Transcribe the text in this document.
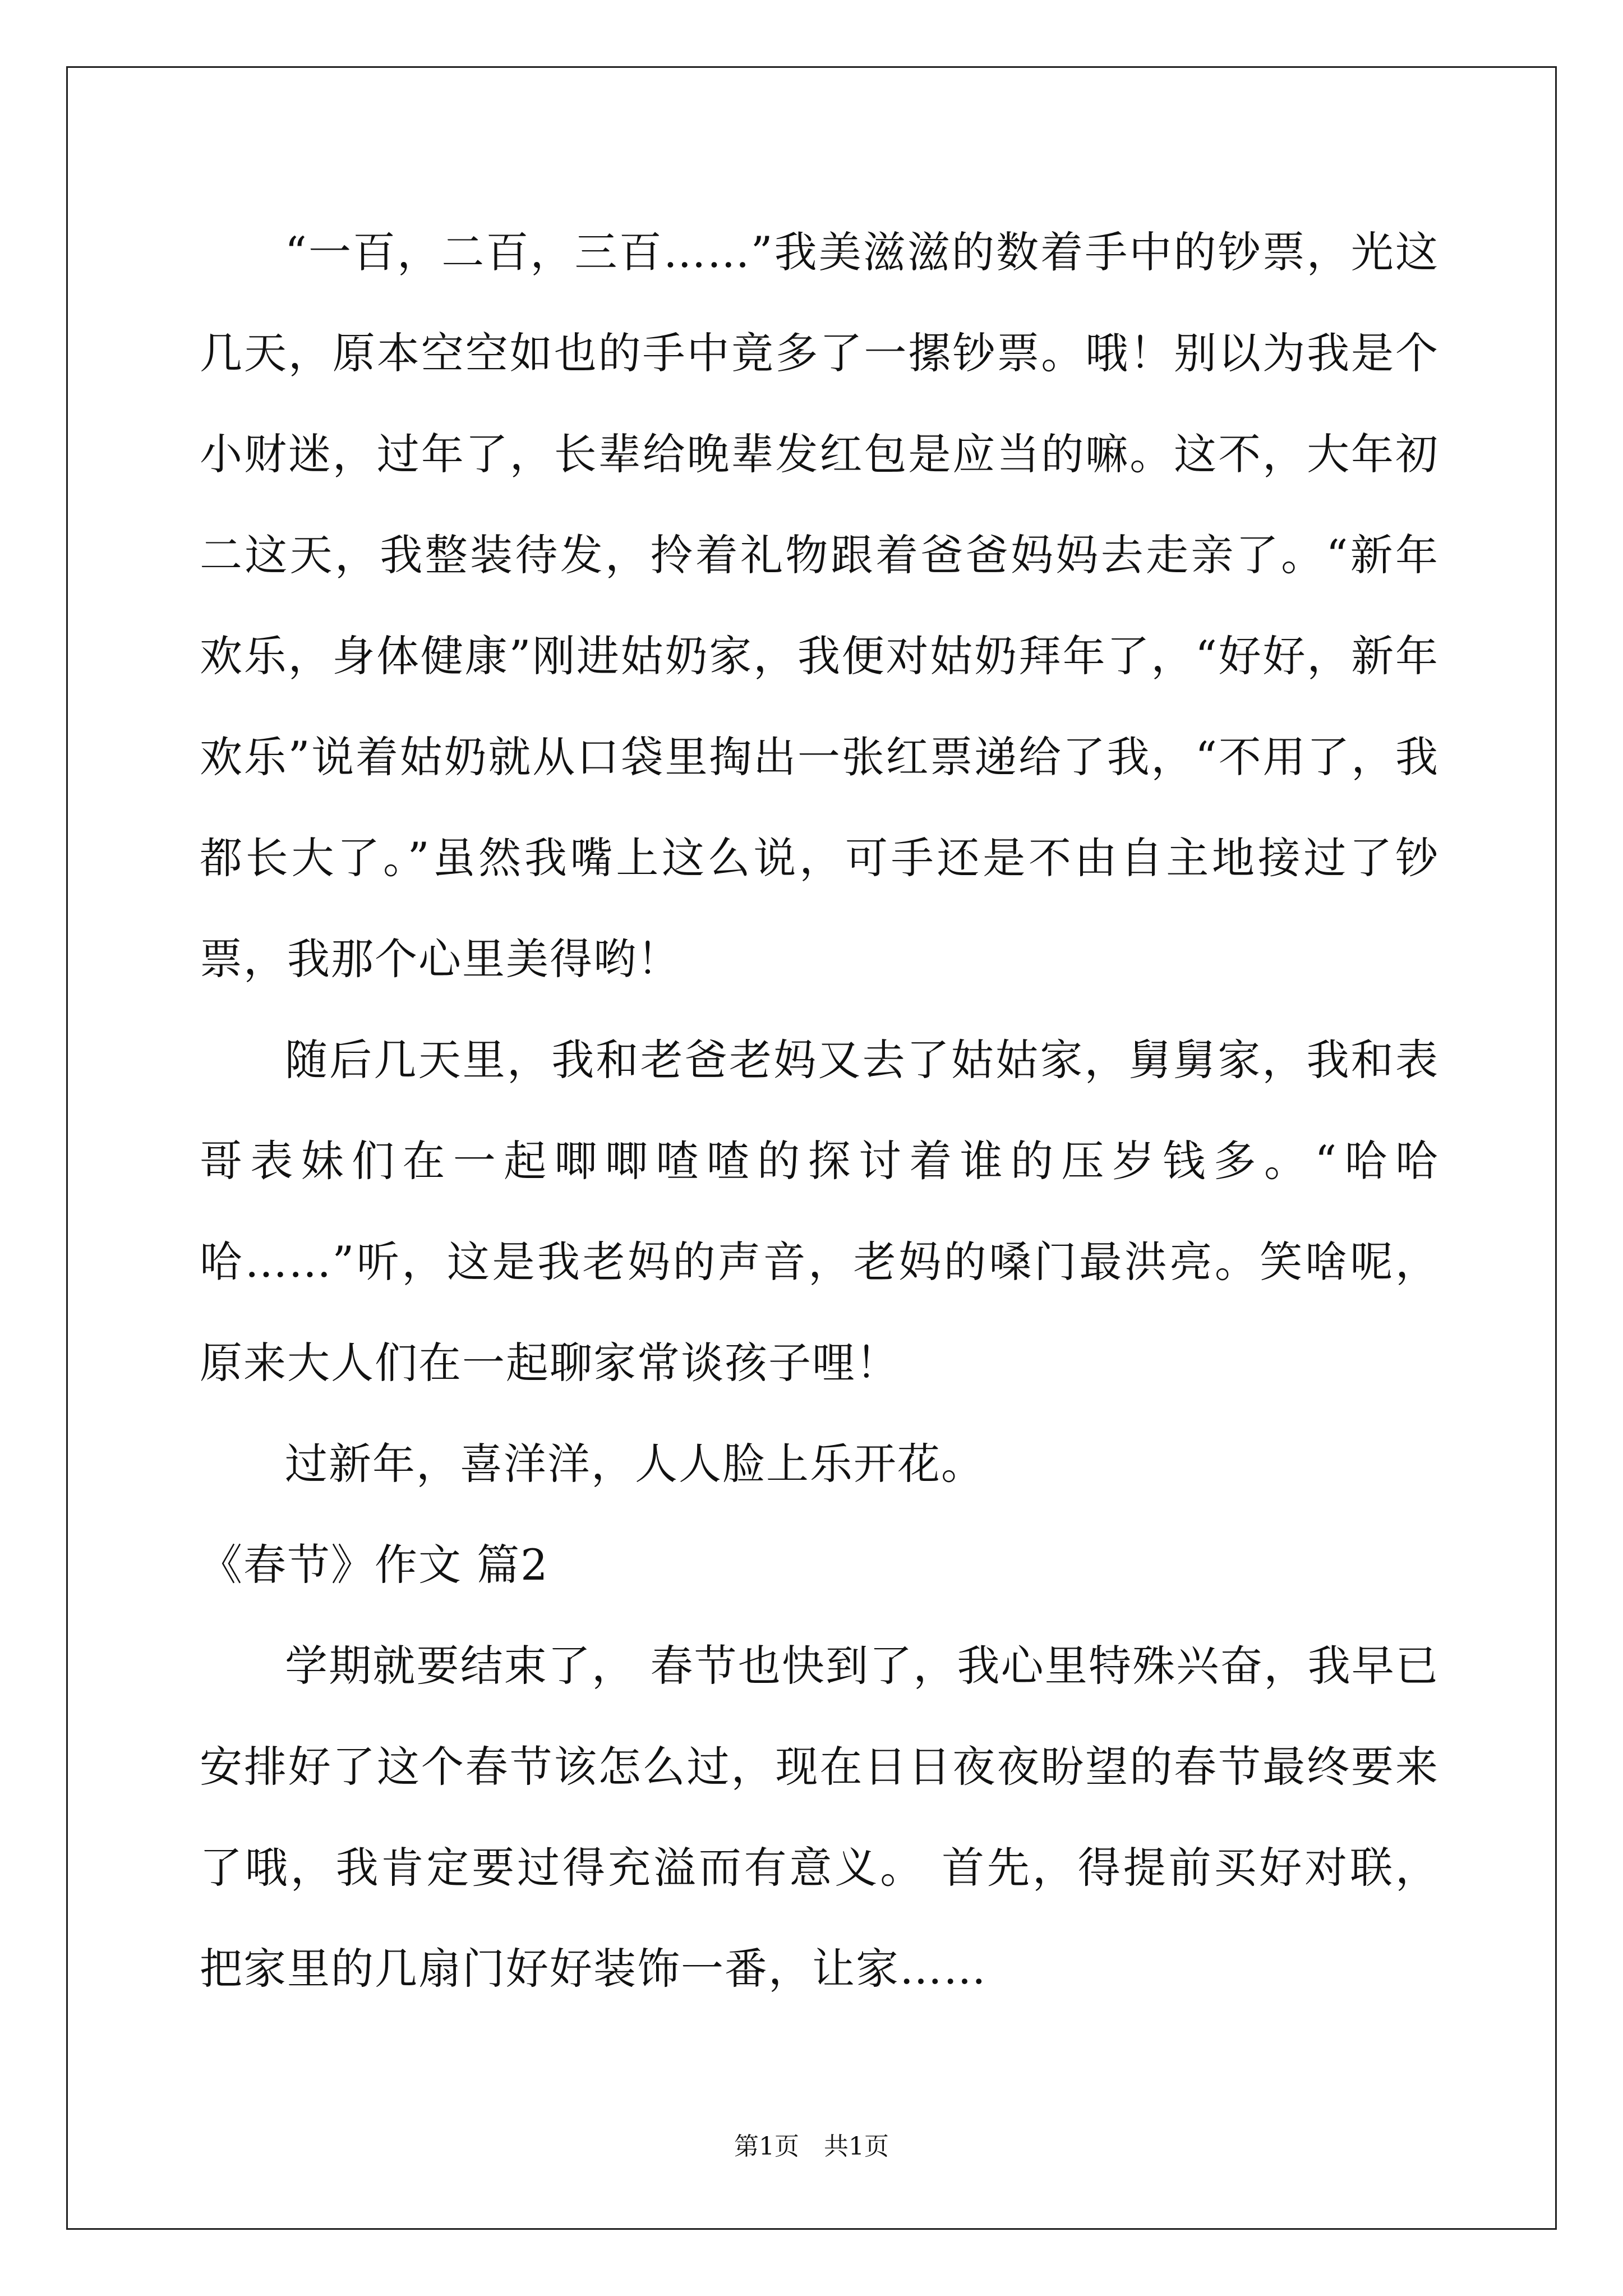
“一百，二百，三百……”我美滋滋的数着手中的钞票，光这几天，原本空空如也的手中竟多了一摞钞票。哦！别以为我是个小财迷，过年了，长辈给晚辈发红包是应当的嘛。这不，大年初二这天，我整装待发，拎着礼物跟着爸爸妈妈去走亲了。“新年欢乐，身体健康”刚进姑奶家，我便对姑奶拜年了，“好好，新年欢乐”说着姑奶就从口袋里掏出一张红票递给了我，“不用了，我都长大了。”虽然我嘴上这么说，可手还是不由自主地接过了钞票，我那个心里美得哟！

随后几天里，我和老爸老妈又去了姑姑家，舅舅家，我和表哥表妹们在一起唧唧喳喳的探讨着谁的压岁钱多。“哈哈哈……”听，这是我老妈的声音，老妈的嗓门最洪亮。笑啥呢，原来大人们在一起聊家常谈孩子哩！

过新年，喜洋洋，人人脸上乐开花。

《春节》作文 篇2

学期就要结束了， 春节也快到了，我心里特殊兴奋，我早已安排好了这个春节该怎么过，现在日日夜夜盼望的春节最终要来了哦，我肯定要过得充溢而有意义。 首先，得提前买好对联，把家里的几扇门好好装饰一番，让家……

第1页　共1页
